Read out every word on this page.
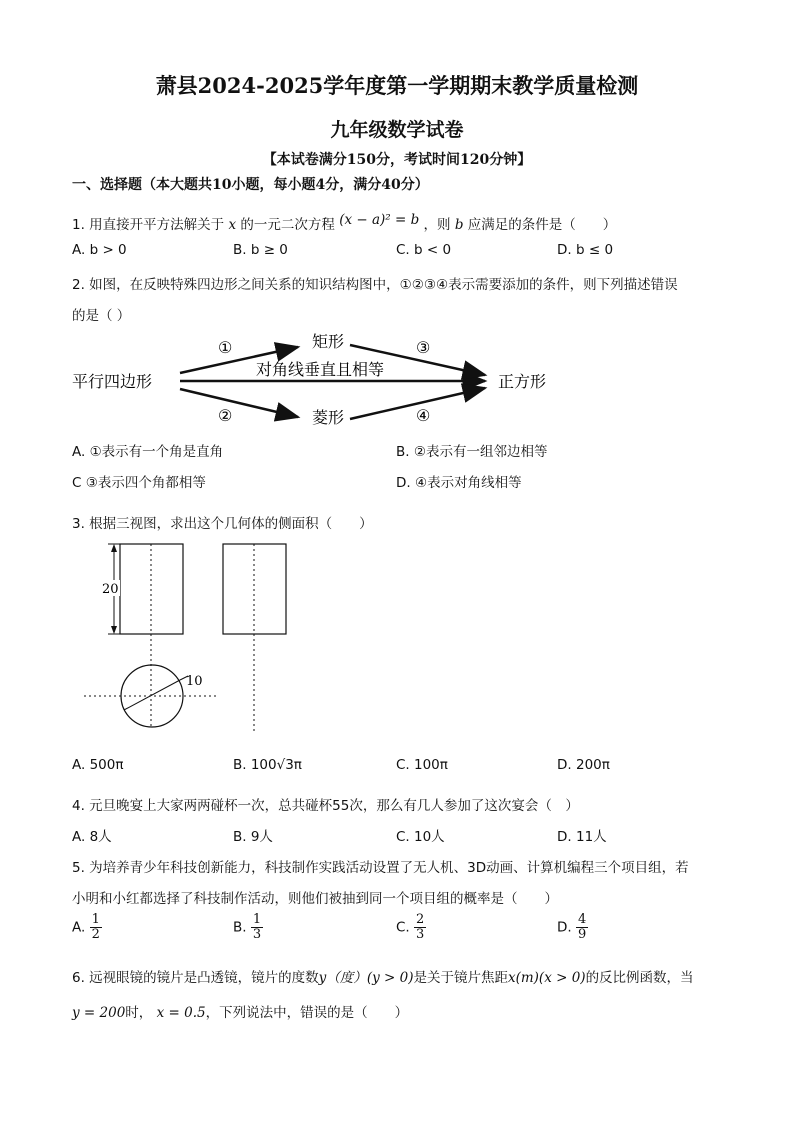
萧县2024-2025学年度第一学期期末教学质量检测
九年级数学试卷
【本试卷满分150分，考试时间120分钟】
一、选择题（本大题共10小题，每小题4分，满分40分）
1. 用直接开平方法解关于 x 的一元二次方程 (x − a)² = b ，则 b 应满足的条件是（　　）
A. b > 0	B. b ≥ 0	C. b < 0	D. b ≤ 0
2. 如图，在反映特殊四边形之间关系的知识结构图中，①②③④表示需要添加的条件，则下列描述错误
的是（ ）
平行四边形
矩形
菱形
正方形
对角线垂直且相等
①
②
③
④
A. ①表示有一个角是直角	B. ②表示有一组邻边相等
C ③表示四个角都相等	D. ④表示对角线相等
3. 根据三视图，求出这个几何体的侧面积（　　）
20
10
A. 500π	B. 100√3π	C. 100π	D. 200π
4. 元旦晚宴上大家两两碰杯一次，总共碰杯55次，那么有几人参加了这次宴会（　）
A. 8人	B. 9人	C. 10人	D. 11人
5. 为培养青少年科技创新能力，科技制作实践活动设置了无人机、3D动画、计算机编程三个项目组，若
小明和小红都选择了科技制作活动，则他们被抽到同一个项目组的概率是（　　）
A. $\frac{1}{2}$	B. $\frac{1}{3}$	C. $\frac{2}{3}$	D. $\frac{4}{9}$
6. 远视眼镜的镜片是凸透镜，镜片的度数y（度）(y > 0)是关于镜片焦距x(m)(x > 0)的反比例函数，当
y = 200时， x = 0.5，下列说法中，错误的是（　　）
